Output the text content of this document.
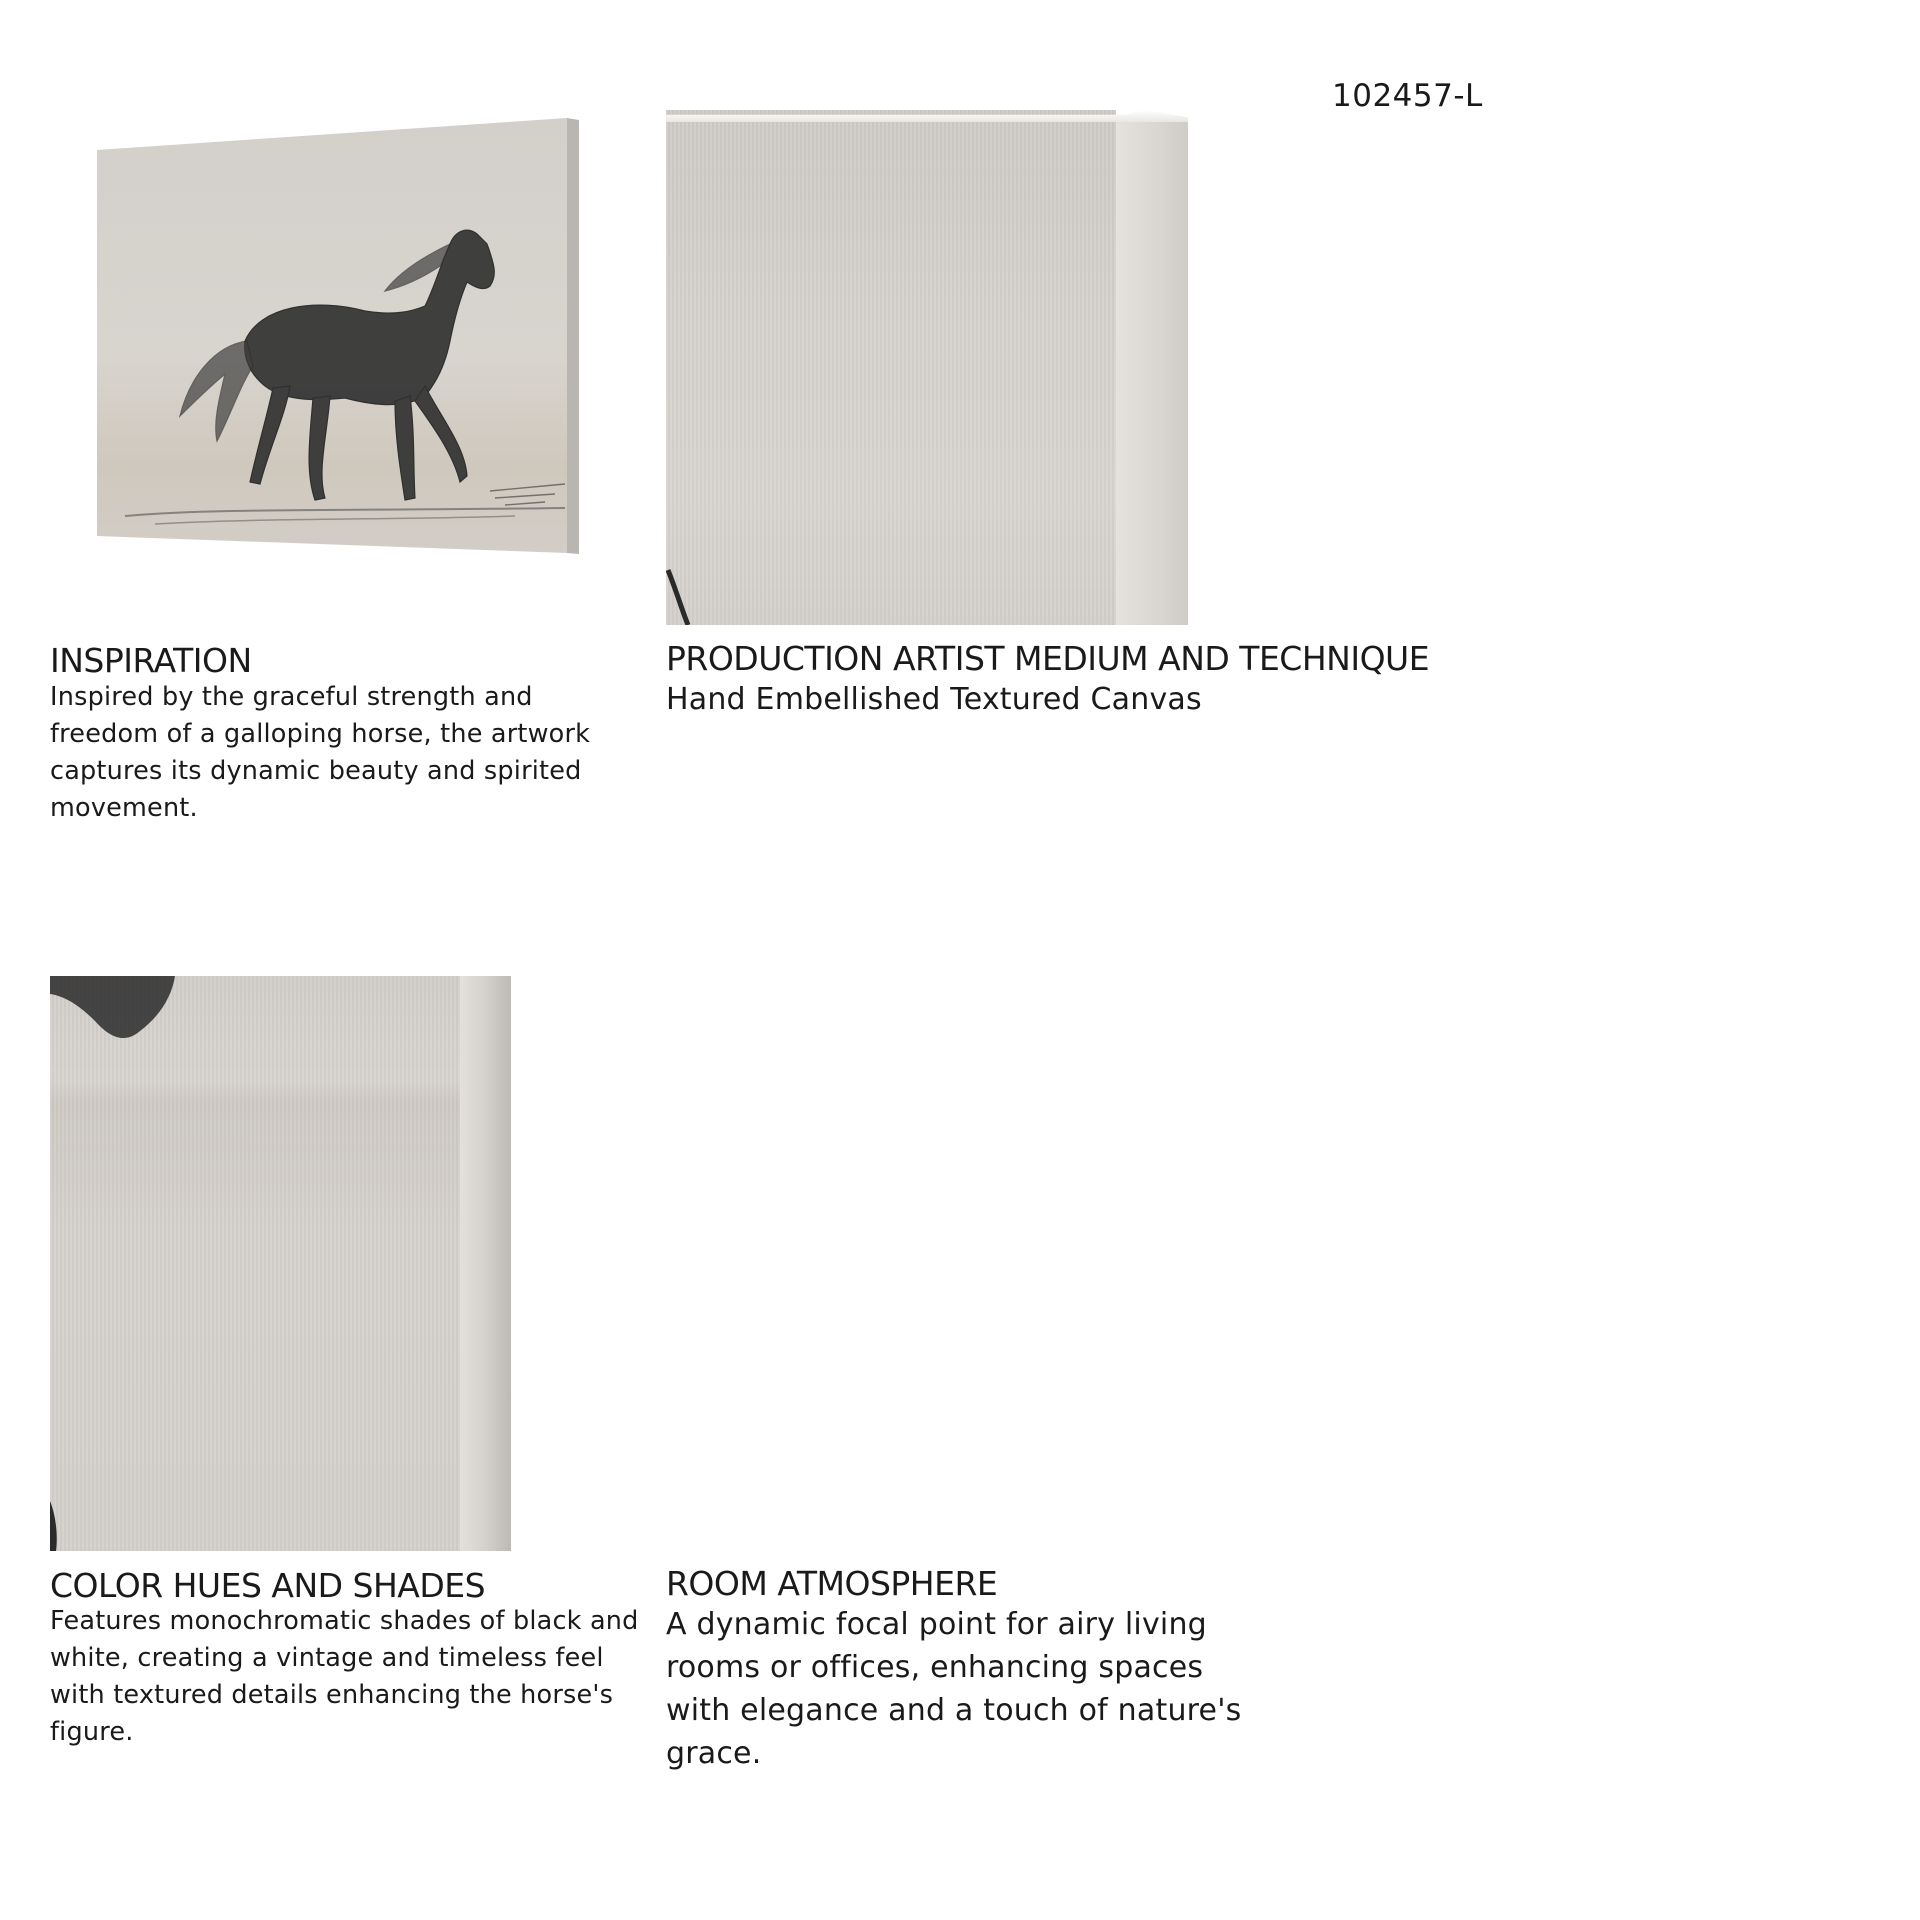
102457-L
INSPIRATION
Inspired by the graceful strength and freedom of a galloping horse, the artwork captures its dynamic beauty and spirited movement.
PRODUCTION ARTIST MEDIUM AND TECHNIQUE
Hand Embellished Textured Canvas
COLOR HUES AND SHADES
Features monochromatic shades of black and white, creating a vintage and timeless feel with textured details enhancing the horse's figure.
ROOM ATMOSPHERE
A dynamic focal point for airy living rooms or offices, enhancing spaces with elegance and a touch of nature's grace.
